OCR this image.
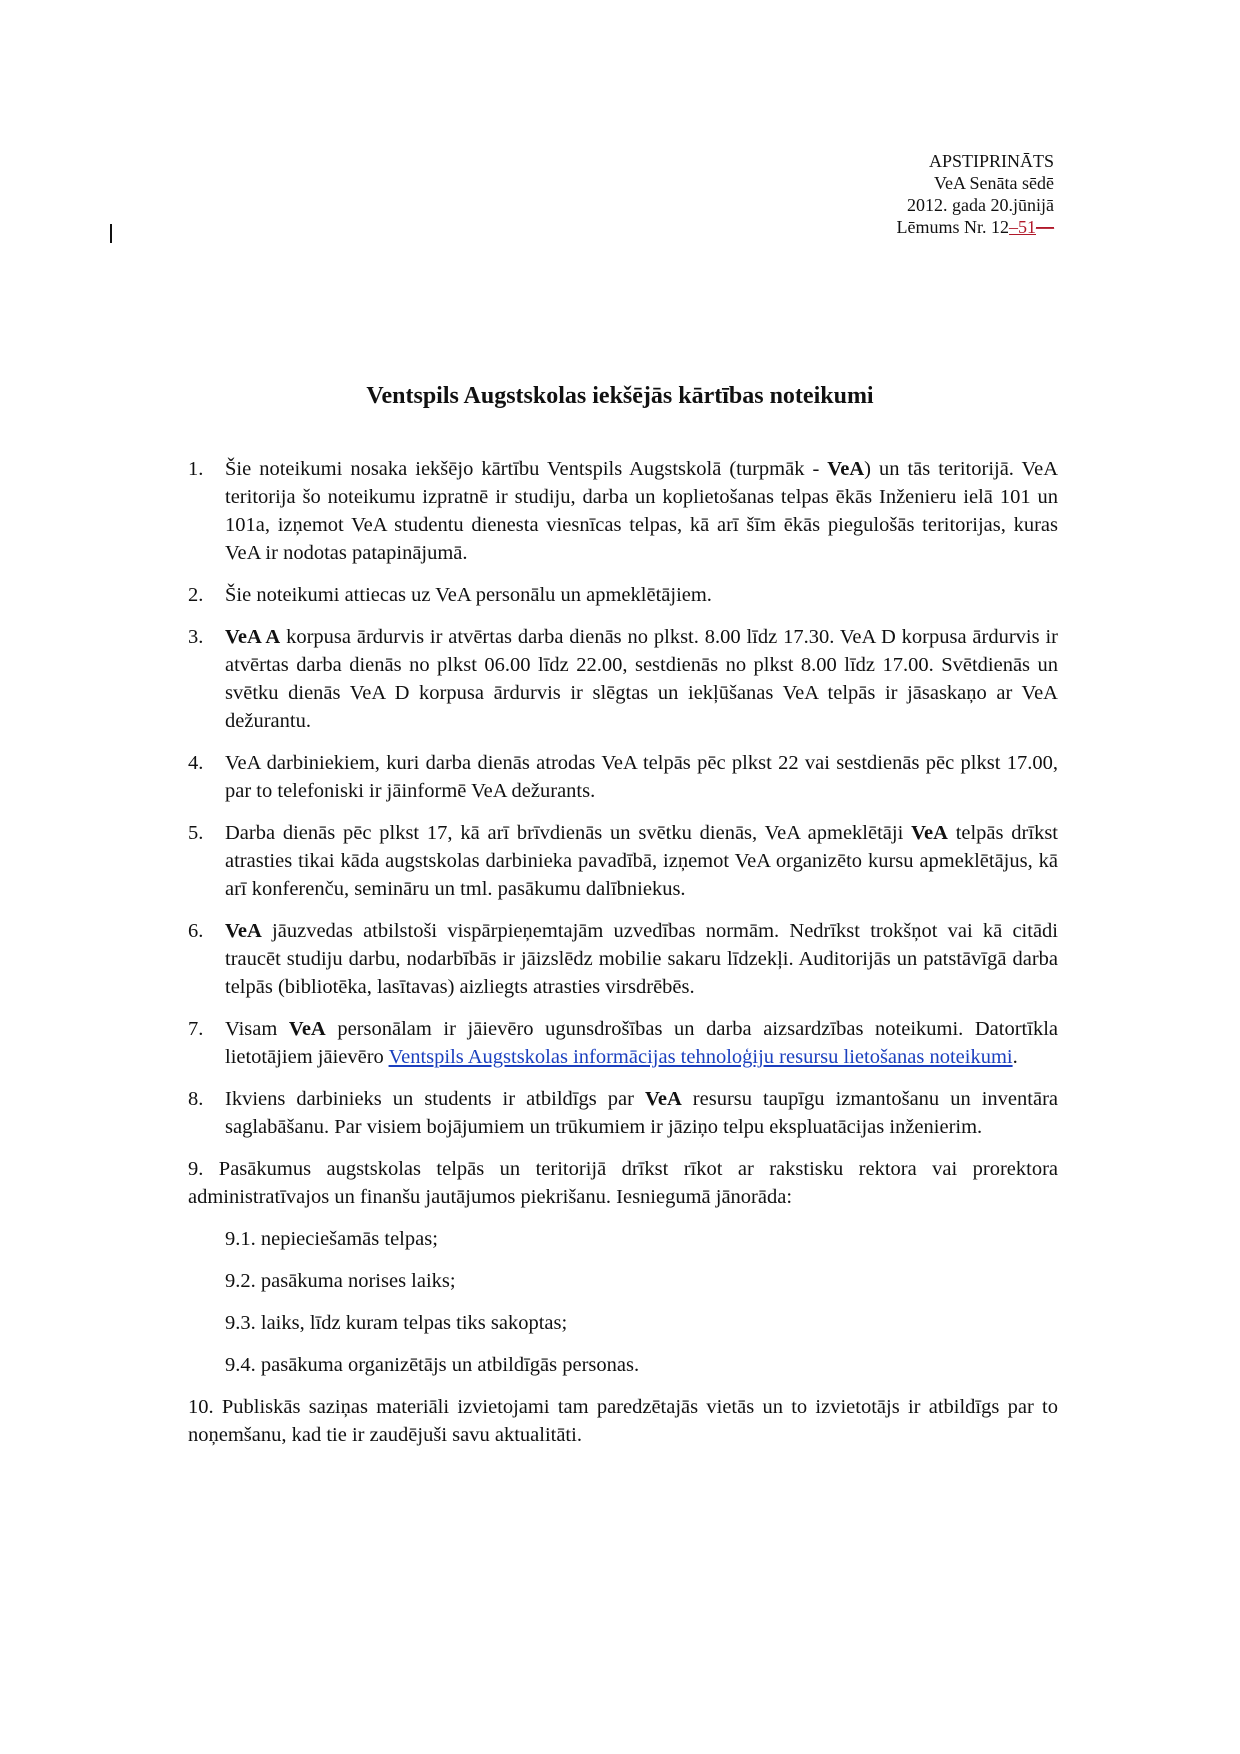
APSTIPRINĀTS
VeA Senāta sēdē
2012. gada 20.jūnijā
Lēmums Nr. 12–51—
Ventspils Augstskolas iekšējās kārtības noteikumi
1. Šie noteikumi nosaka iekšējo kārtību Ventspils Augstskolā (turpmāk - VeA) un tās teritorijā. VeA teritorija šo noteikumu izpratnē ir studiju, darba un koplietošanas telpas ēkās Inženieru ielā 101 un 101a, izņemot VeA studentu dienesta viesnīcas telpas, kā arī šīm ēkās piegulošās teritorijas, kuras VeA ir nodotas patapinājumā.
2. Šie noteikumi attiecas uz VeA personālu un apmeklētājiem.
3. VeA A korpusa ārdurvis ir atvērtas darba dienās no plkst. 8.00 līdz 17.30. VeA D korpusa ārdurvis ir atvērtas darba dienās no plkst 06.00 līdz 22.00, sestdienās no plkst 8.00 līdz 17.00. Svētdienās un svētku dienās VeA D korpusa ārdurvis ir slēgtas un iekļūšanas VeA telpās ir jāsaskaņo ar VeA dežurantu.
4. VeA darbiniekiem, kuri darba dienās atrodas VeA telpās pēc plkst 22 vai sestdienās pēc plkst 17.00, par to telefoniski ir jāinformē VeA dežurants.
5. Darba dienās pēc plkst 17, kā arī brīvdienās un svētku dienās, VeA apmeklētāji VeA telpās drīkst atrasties tikai kāda augstskolas darbinieka pavadībā, izņemot VeA organizēto kursu apmeklētājus, kā arī konferenču, semināru un tml. pasākumu dalībniekus.
6. VeA jāuzvedas atbilstoši vispārpieņemtajām uzvedības normām. Nedrīkst trokšņot vai kā citādi traucēt studiju darbu, nodarbībās ir jāizslēdz mobilie sakaru līdzekļi. Auditorijās un patstāvīgā darba telpās (bibliotēka, lasītavas) aizliegts atrasties virsdrēbēs.
7. Visam VeA personālam ir jāievēro ugunsdrošības un darba aizsardzības noteikumi. Datortīkla lietotājiem jāievēro Ventspils Augstskolas informācijas tehnoloģiju resursu lietošanas noteikumi.
8. Ikviens darbinieks un students ir atbildīgs par VeA resursu taupīgu izmantošanu un inventāra saglabāšanu. Par visiem bojājumiem un trūkumiem ir jāziņo telpu ekspluatācijas inženierim.

9. Pasākumus augstskolas telpās un teritorijā drīkst rīkot ar rakstisku rektora vai prorektora administratīvajos un finanšu jautājumos piekrišanu. Iesniegumā jānorāda:

9.1. nepieciešamās telpas;
9.2. pasākuma norises laiks;
9.3. laiks, līdz kuram telpas tiks sakoptas;
9.4. pasākuma organizētājs un atbildīgās personas.

10. Publiskās saziņas materiāli izvietojami tam paredzētajās vietās un to izvietotājs ir atbildīgs par to noņemšanu, kad tie ir zaudējuši savu aktualitāti.
